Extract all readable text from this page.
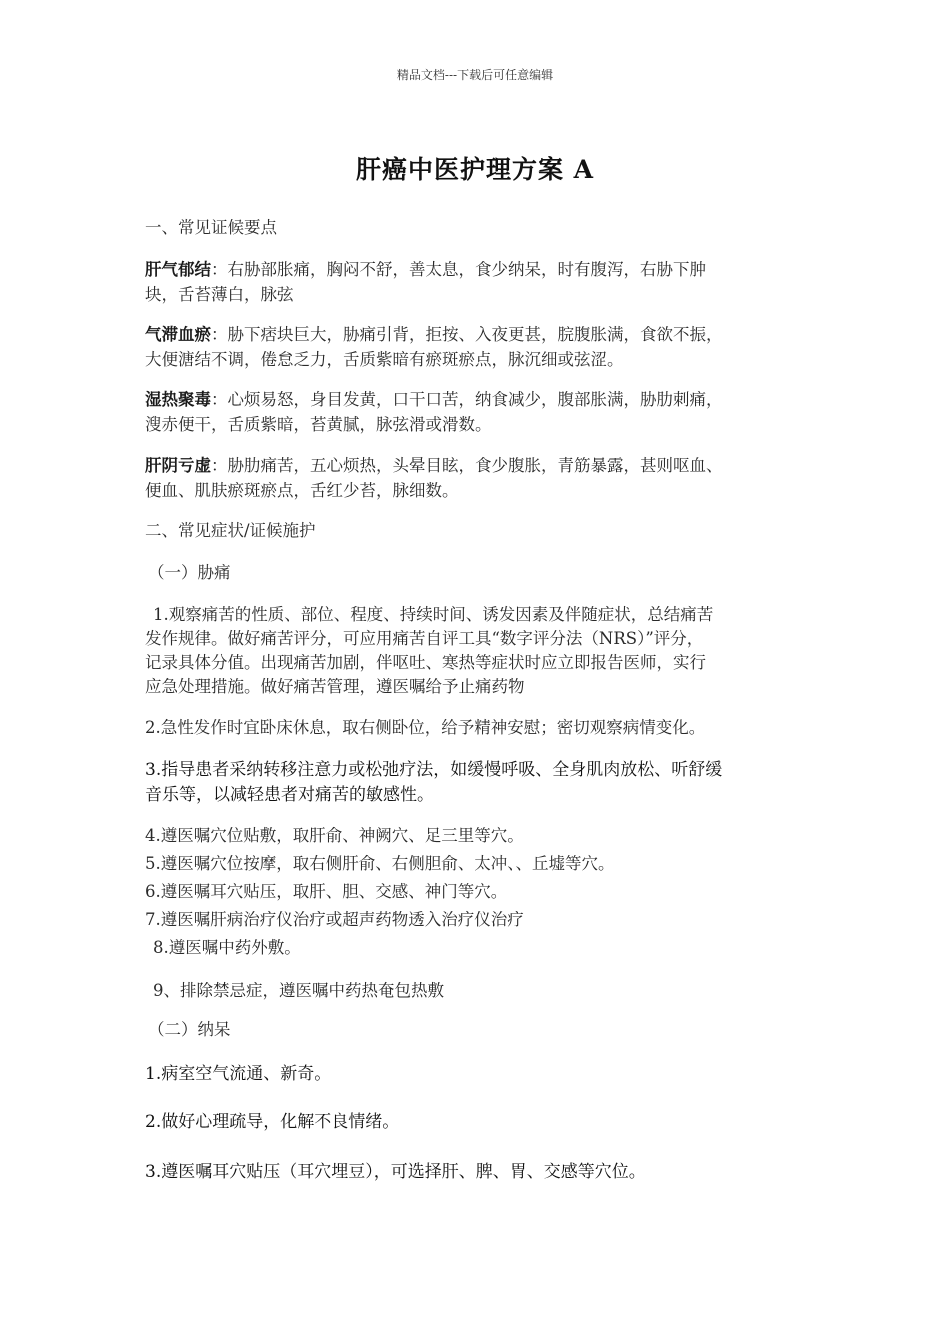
精品文档---下载后可任意编辑
肝癌中医护理方案 A
一、常见证候要点
肝气郁结：右胁部胀痛，胸闷不舒，善太息，食少纳呆，时有腹泻，右胁下肿
块，舌苔薄白，脉弦
气滞血瘀：胁下痞块巨大，胁痛引背，拒按、入夜更甚，脘腹胀满，食欲不振，
大便溏结不调，倦怠乏力，舌质紫暗有瘀斑瘀点，脉沉细或弦涩。
湿热聚毒：心烦易怒，身目发黄，口干口苦，纳食减少，腹部胀满，胁肋刺痛，
溲赤便干，舌质紫暗，苔黄腻，脉弦滑或滑数。
肝阴亏虚：胁肋痛苦，五心烦热，头晕目眩，食少腹胀，青筋暴露，甚则呕血、
便血、肌肤瘀斑瘀点，舌红少苔，脉细数。
二、常见症状/证候施护
（一）胁痛
1.观察痛苦的性质、部位、程度、持续时间、诱发因素及伴随症状，总结痛苦
发作规律。做好痛苦评分，可应用痛苦自评工具“数字评分法（NRS）”评分，
记录具体分值。出现痛苦加剧，伴呕吐、寒热等症状时应立即报告医师，实行
应急处理措施。做好痛苦管理，遵医嘱给予止痛药物
2.急性发作时宜卧床休息，取右侧卧位，给予精神安慰；密切观察病情变化。
3.指导患者采纳转移注意力或松弛疗法，如缓慢呼吸、全身肌肉放松、听舒缓
音乐等，以减轻患者对痛苦的敏感性。
4.遵医嘱穴位贴敷，取肝俞、神阙穴、足三里等穴。
5.遵医嘱穴位按摩，取右侧肝俞、右侧胆俞、太冲、、丘墟等穴。
6.遵医嘱耳穴贴压，取肝、胆、交感、神门等穴。
7.遵医嘱肝病治疗仪治疗或超声药物透入治疗仪治疗
8.遵医嘱中药外敷。
9、排除禁忌症，遵医嘱中药热奄包热敷
（二）纳呆
1.病室空气流通、新奇。
2.做好心理疏导，化解不良情绪。
3.遵医嘱耳穴贴压（耳穴埋豆），可选择肝、脾、胃、交感等穴位。
